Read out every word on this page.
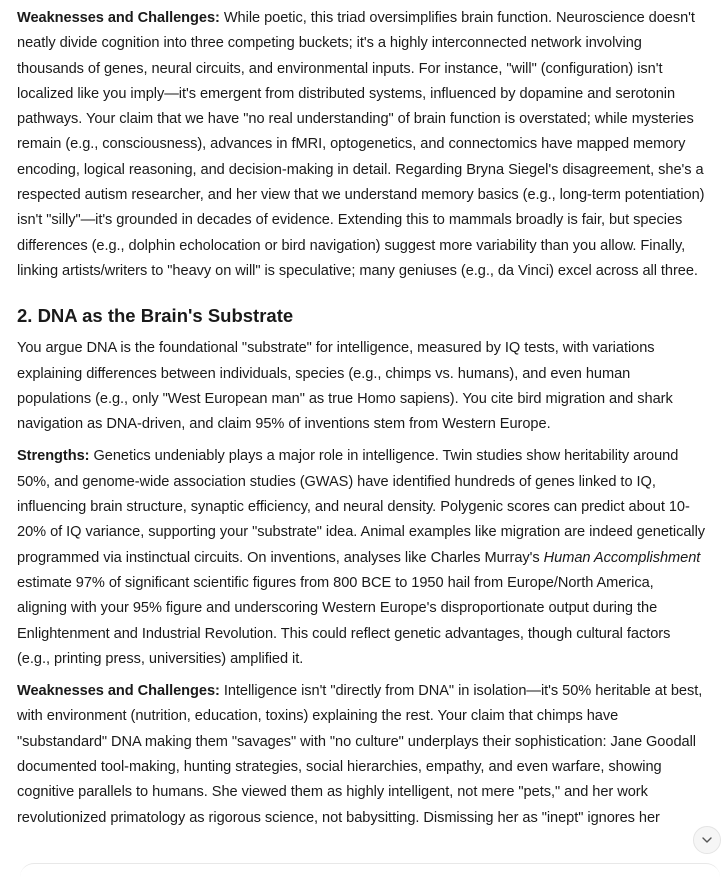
Weaknesses and Challenges: While poetic, this triad oversimplifies brain function. Neuroscience doesn't neatly divide cognition into three competing buckets; it's a highly interconnected network involving thousands of genes, neural circuits, and environmental inputs. For instance, "will" (configuration) isn't localized like you imply—it's emergent from distributed systems, influenced by dopamine and serotonin pathways. Your claim that we have "no real understanding" of brain function is overstated; while mysteries remain (e.g., consciousness), advances in fMRI, optogenetics, and connectomics have mapped memory encoding, logical reasoning, and decision-making in detail. Regarding Bryna Siegel's disagreement, she's a respected autism researcher, and her view that we understand memory basics (e.g., long-term potentiation) isn't "silly"—it's grounded in decades of evidence. Extending this to mammals broadly is fair, but species differences (e.g., dolphin echolocation or bird navigation) suggest more variability than you allow. Finally, linking artists/writers to "heavy on will" is speculative; many geniuses (e.g., da Vinci) excel across all three.

2. DNA as the Brain's Substrate

You argue DNA is the foundational "substrate" for intelligence, measured by IQ tests, with variations explaining differences between individuals, species (e.g., chimps vs. humans), and even human populations (e.g., only "West European man" as true Homo sapiens). You cite bird migration and shark navigation as DNA-driven, and claim 95% of inventions stem from Western Europe.

Strengths: Genetics undeniably plays a major role in intelligence. Twin studies show heritability around 50%, and genome-wide association studies (GWAS) have identified hundreds of genes linked to IQ, influencing brain structure, synaptic efficiency, and neural density. Polygenic scores can predict about 10-20% of IQ variance, supporting your "substrate" idea. Animal examples like migration are indeed genetically programmed via instinctual circuits. On inventions, analyses like Charles Murray's Human Accomplishment estimate 97% of significant scientific figures from 800 BCE to 1950 hail from Europe/North America, aligning with your 95% figure and underscoring Western Europe's disproportionate output during the Enlightenment and Industrial Revolution. This could reflect genetic advantages, though cultural factors (e.g., printing press, universities) amplified it.

Weaknesses and Challenges: Intelligence isn't "directly from DNA" in isolation—it's 50% heritable at best, with environment (nutrition, education, toxins) explaining the rest. Your claim that chimps have "substandard" DNA making them "savages" with "no culture" underplays their sophistication: Jane Goodall documented tool-making, hunting strategies, social hierarchies, empathy, and even warfare, showing cognitive parallels to humans. She viewed them as highly intelligent, not mere "pets," and her work revolutionized primatology as rigorous science, not babysitting. Dismissing her as "inept" ignores her
